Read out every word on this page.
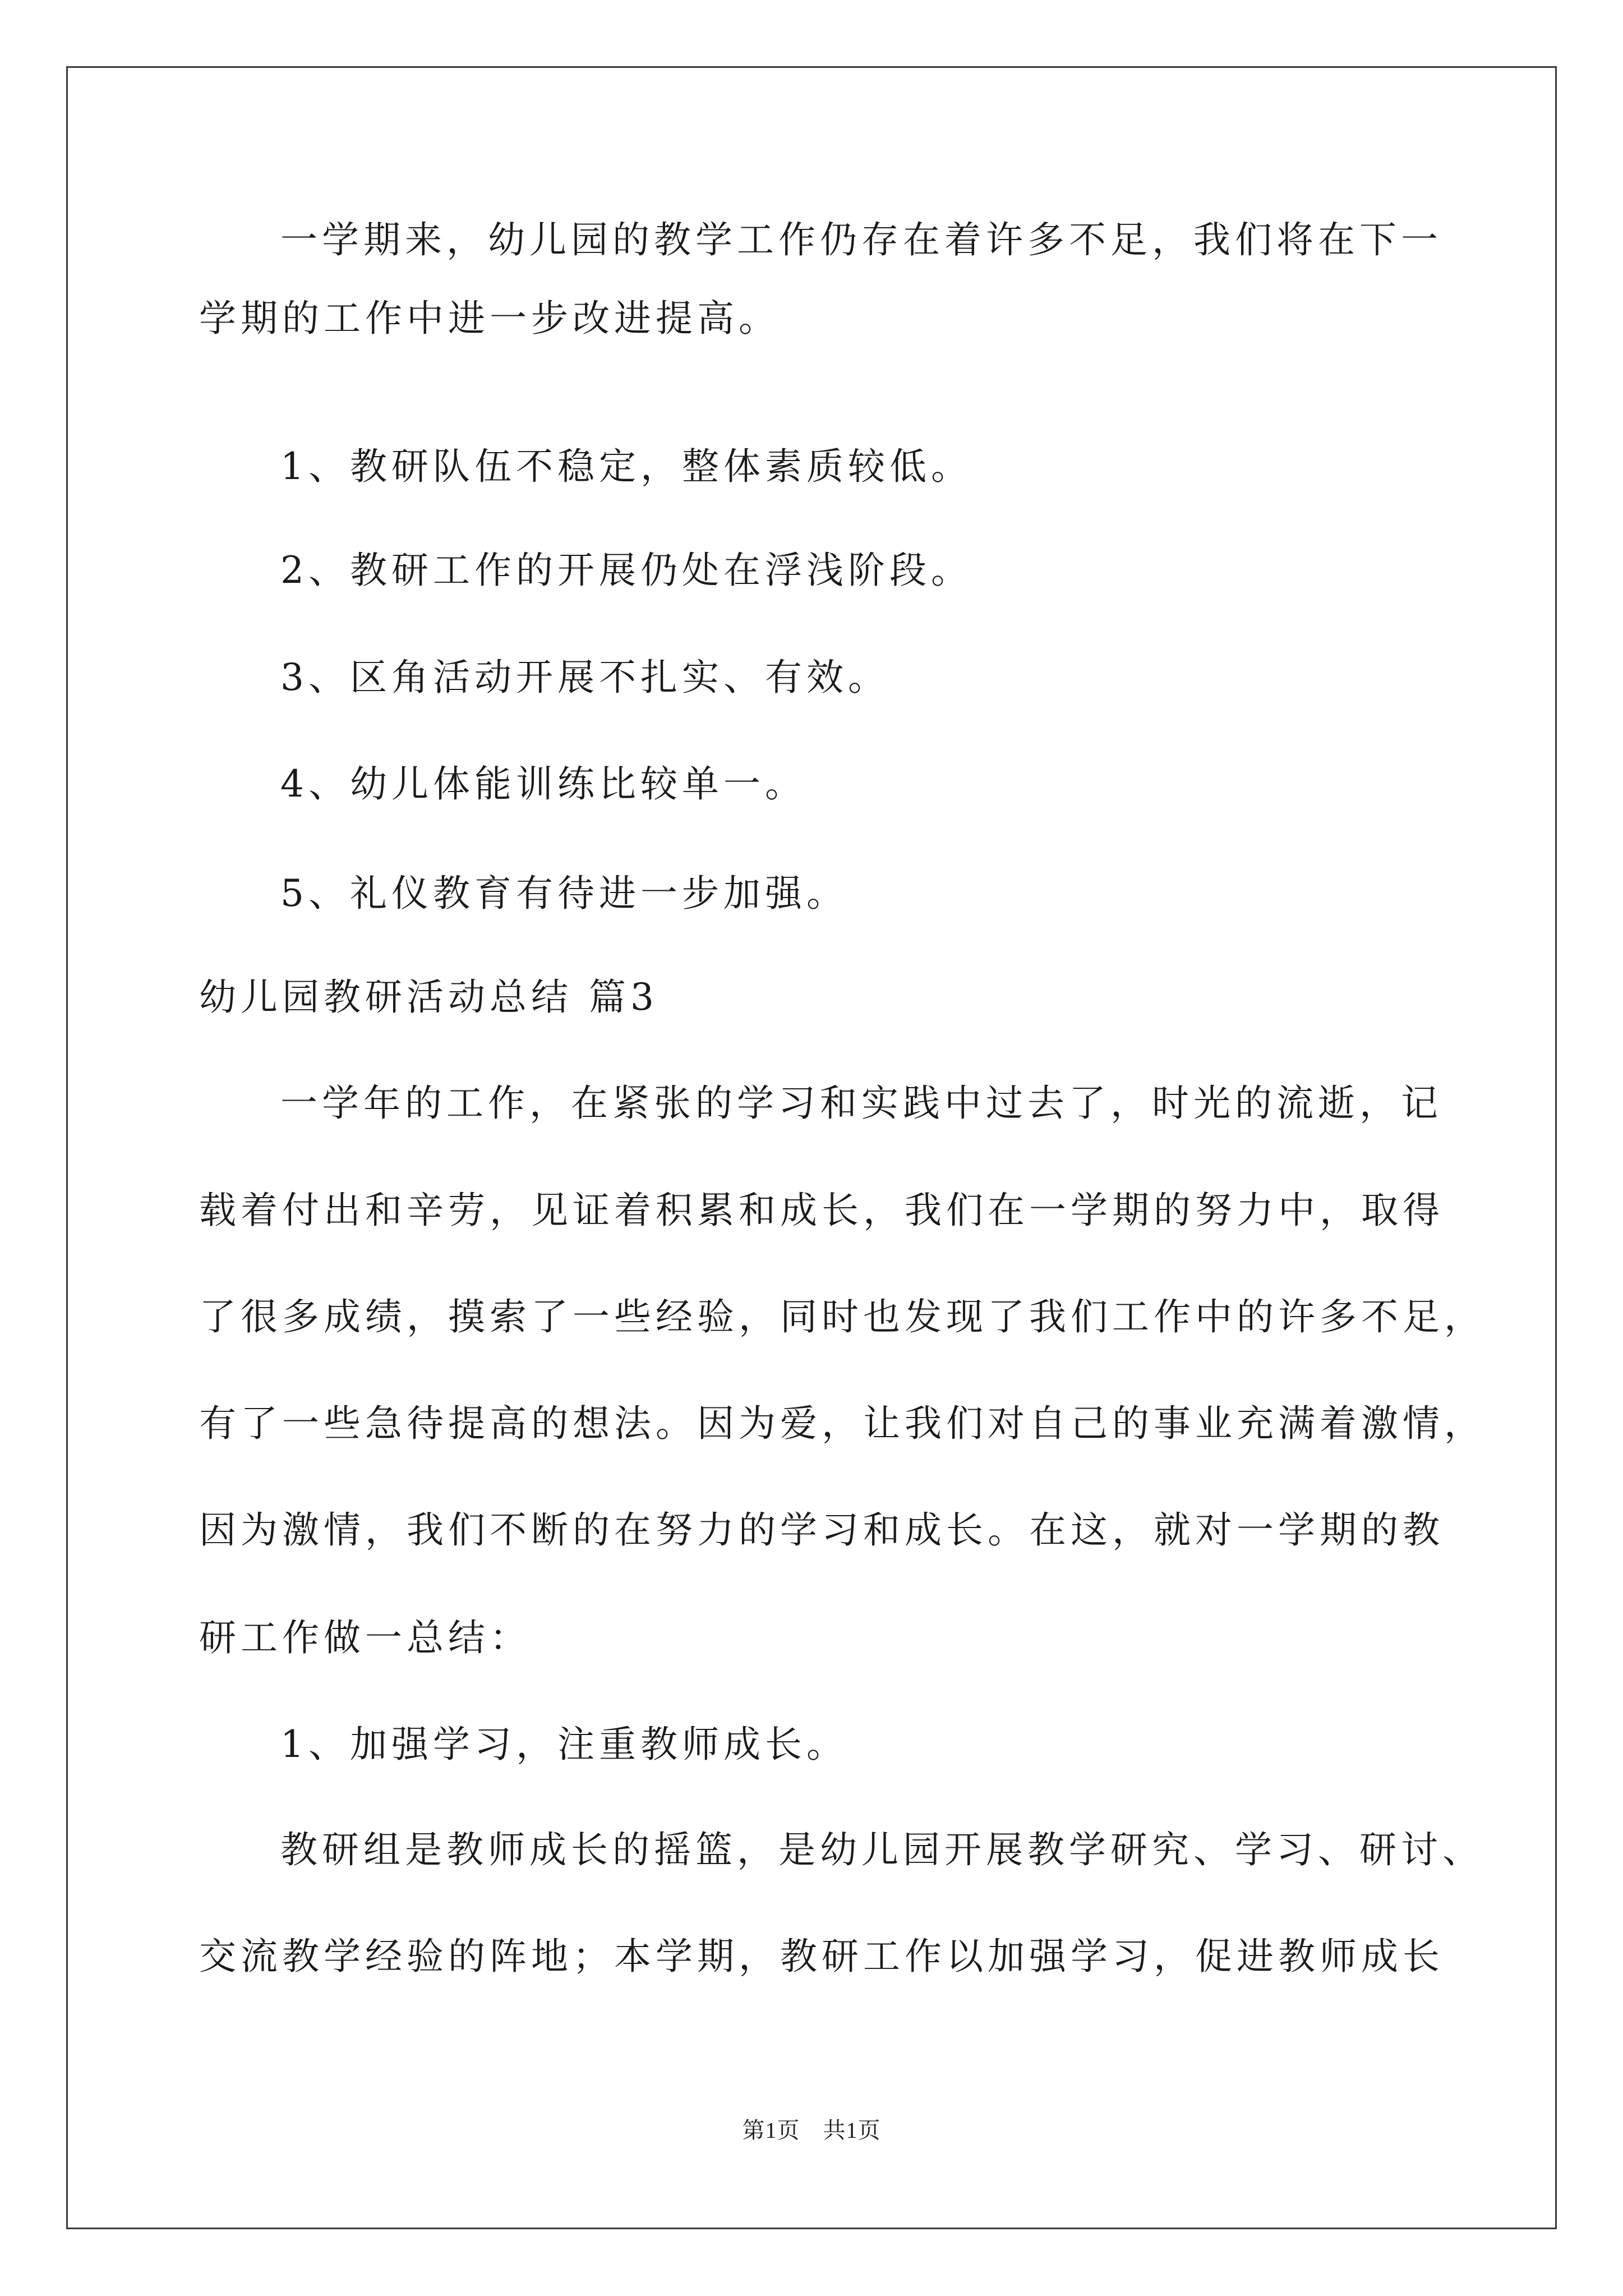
一学期来，幼儿园的教学工作仍存在着许多不足，我们将在下一
学期的工作中进一步改进提高。
1、教研队伍不稳定，整体素质较低。
2、教研工作的开展仍处在浮浅阶段。
3、区角活动开展不扎实、有效。
4、幼儿体能训练比较单一。
5、礼仪教育有待进一步加强。
幼儿园教研活动总结 篇3
一学年的工作，在紧张的学习和实践中过去了，时光的流逝，记
载着付出和辛劳，见证着积累和成长，我们在一学期的努力中，取得
了很多成绩，摸索了一些经验，同时也发现了我们工作中的许多不足，
有了一些急待提高的想法。因为爱，让我们对自己的事业充满着激情，
因为激情，我们不断的在努力的学习和成长。在这，就对一学期的教
研工作做一总结：
1、加强学习，注重教师成长。
教研组是教师成长的摇篮，是幼儿园开展教学研究、学习、研讨、
交流教学经验的阵地；本学期，教研工作以加强学习，促进教师成长
第1页　共1页
